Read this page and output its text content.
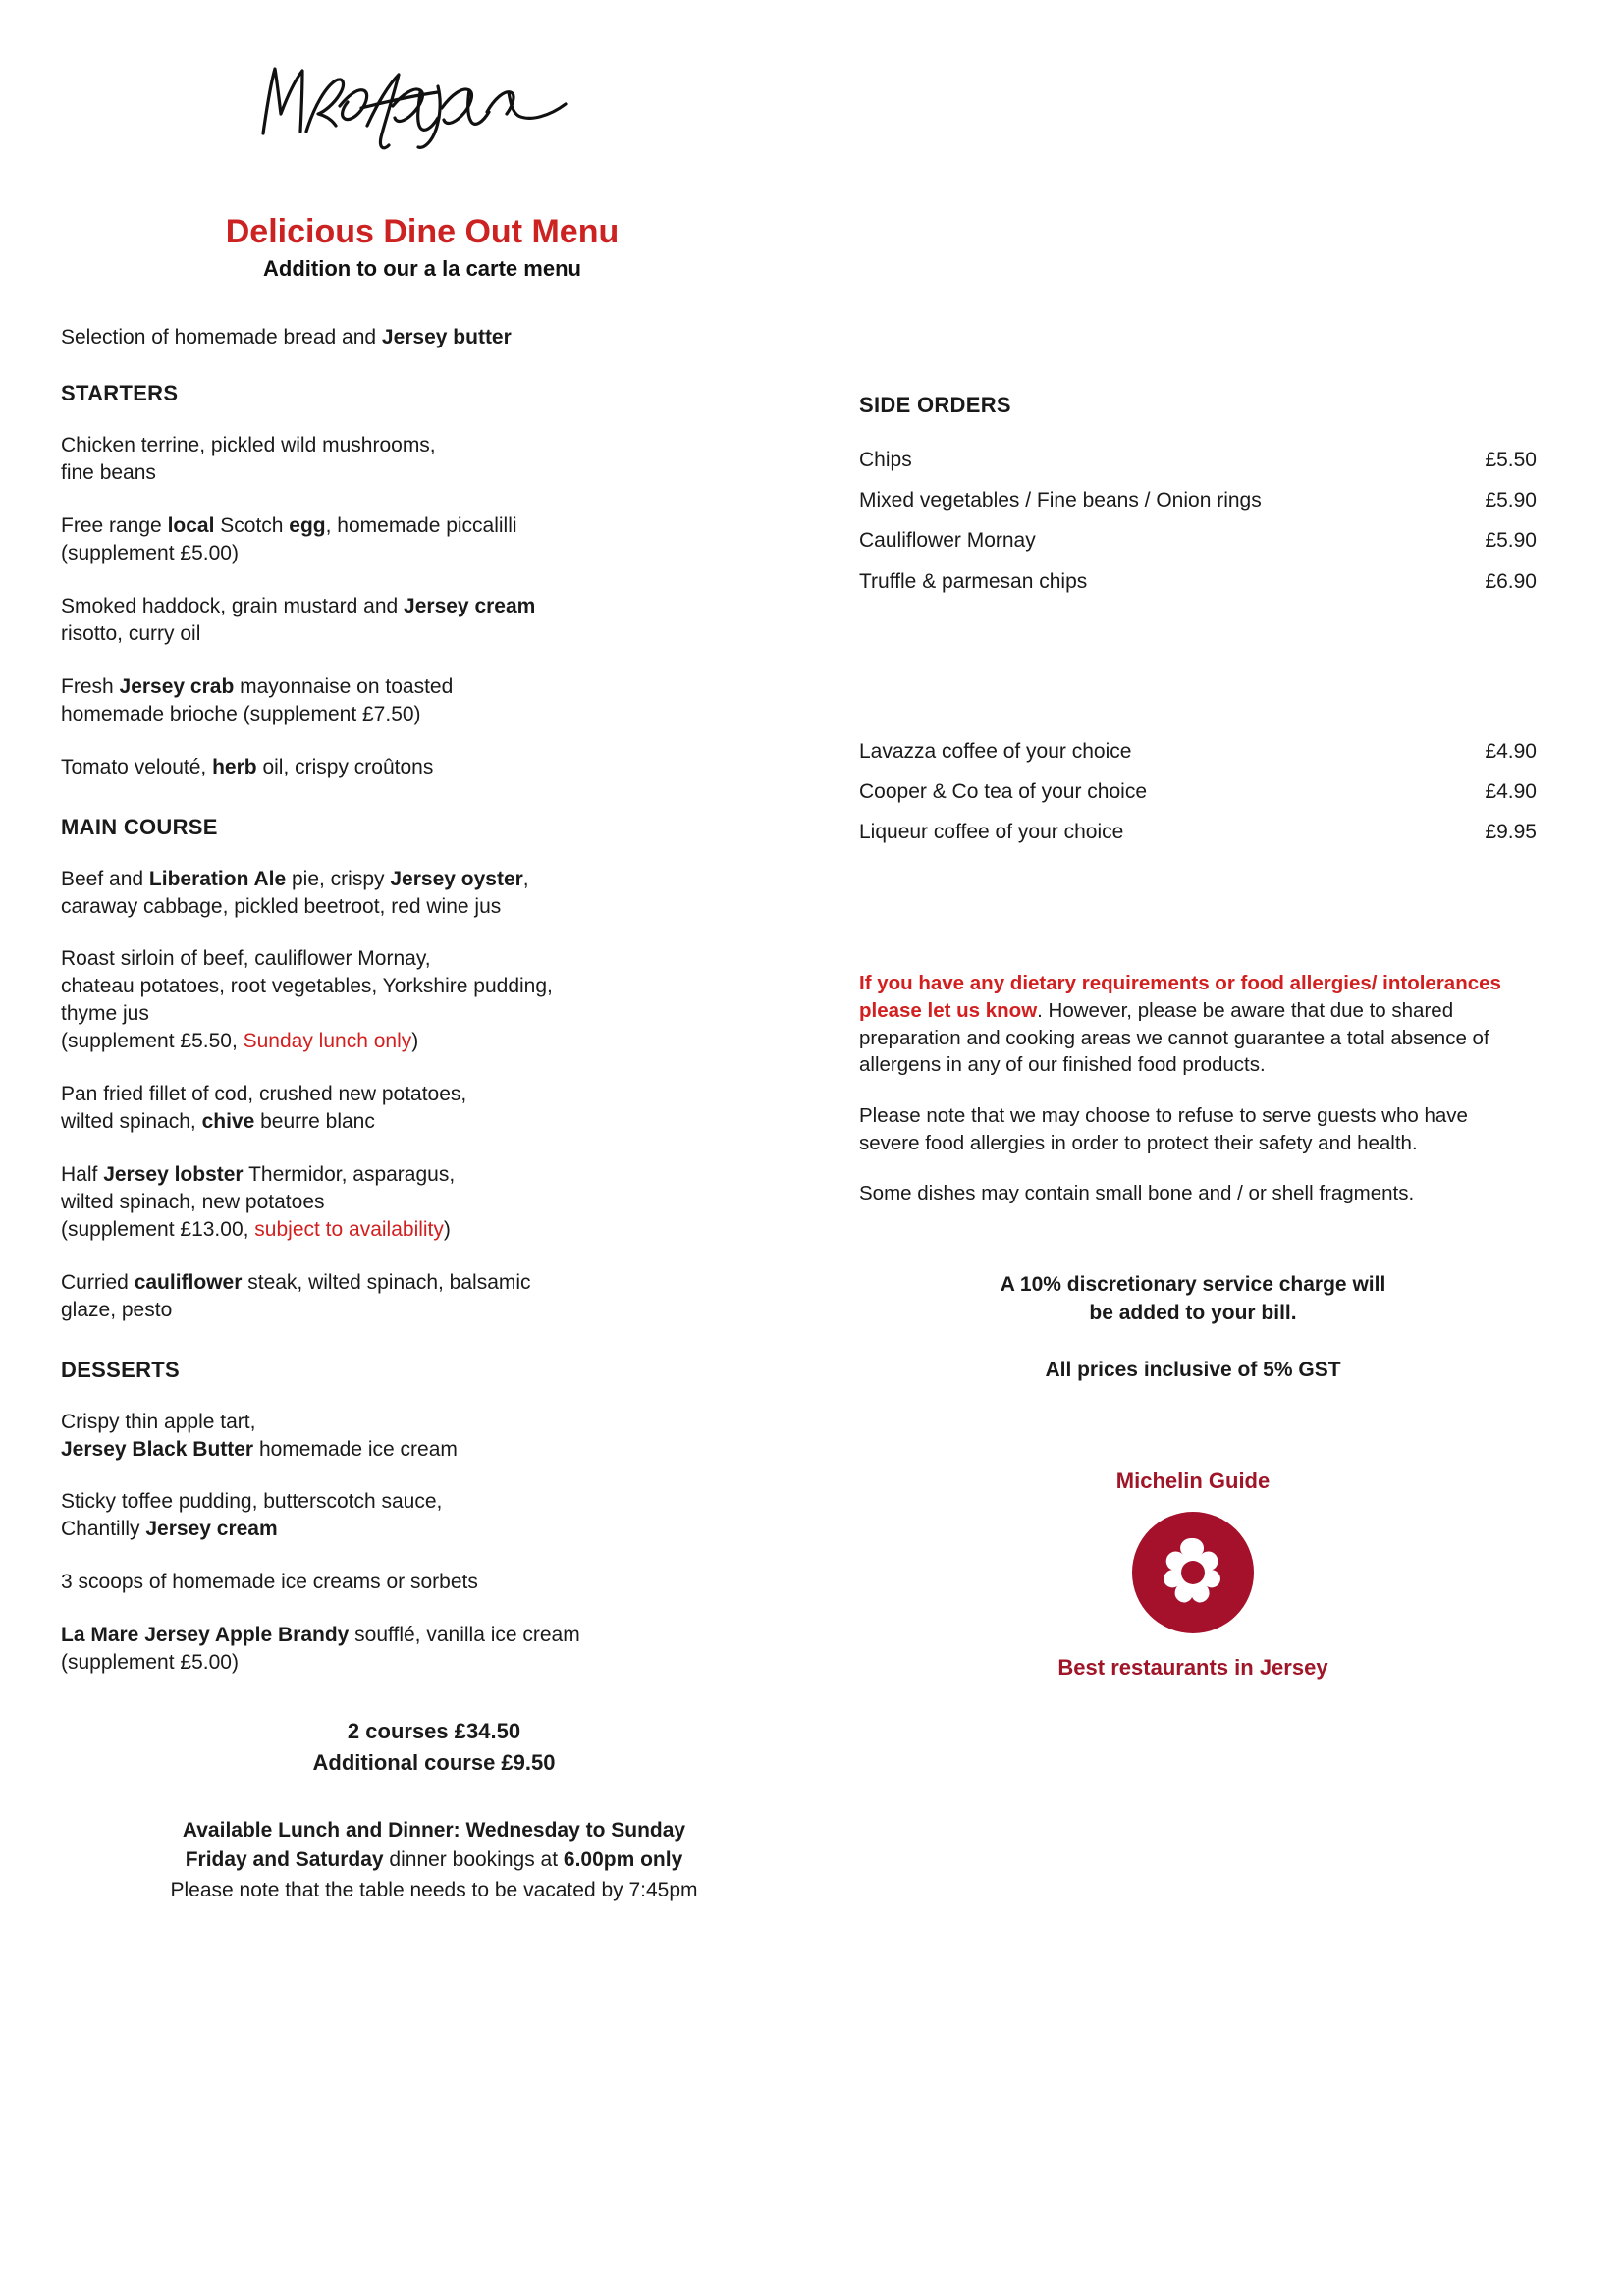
Delicious Dine Out Menu
Addition to our a la carte menu
Selection of homemade bread and Jersey butter
STARTERS
Chicken terrine, pickled wild mushrooms,
fine beans
Free range local Scotch egg, homemade piccalilli
(supplement £5.00)
Smoked haddock, grain mustard and Jersey cream
risotto, curry oil
Fresh Jersey crab mayonnaise on toasted
homemade brioche (supplement £7.50)
Tomato velouté, herb oil, crispy croûtons
MAIN COURSE
Beef and Liberation Ale pie, crispy Jersey oyster,
caraway cabbage, pickled beetroot, red wine jus
Roast sirloin of beef, cauliflower Mornay,
chateau potatoes, root vegetables, Yorkshire pudding,
thyme jus
(supplement £5.50, Sunday lunch only)
Pan fried fillet of cod, crushed new potatoes,
wilted spinach, chive beurre blanc
Half Jersey lobster Thermidor, asparagus,
wilted spinach, new potatoes
(supplement £13.00, subject to availability)
Curried cauliflower steak, wilted spinach, balsamic
glaze, pesto
DESSERTS
Crispy thin apple tart,
Jersey Black Butter homemade ice cream
Sticky toffee pudding, butterscotch sauce,
Chantilly Jersey cream
3 scoops of homemade ice creams or sorbets
La Mare Jersey Apple Brandy soufflé, vanilla ice cream
(supplement £5.00)
2 courses £34.50
Additional course £9.50
Available Lunch and Dinner: Wednesday to Sunday
Friday and Saturday dinner bookings at 6.00pm only
Please note that the table needs to be vacated by 7:45pm
SIDE ORDERS
Chips	£5.50
Mixed vegetables / Fine beans / Onion rings	£5.90
Cauliflower Mornay	£5.90
Truffle & parmesan chips	£6.90
Lavazza coffee of your choice	£4.90
Cooper & Co tea of your choice	£4.90
Liqueur coffee of your choice	£9.95
If you have any dietary requirements or food allergies/ intolerances please let us know. However, please be aware that due to shared preparation and cooking areas we cannot guarantee a total absence of allergens in any of our finished food products.
Please note that we may choose to refuse to serve guests who have severe food allergies in order to protect their safety and health.
Some dishes may contain small bone and / or shell fragments.
A 10% discretionary service charge will
be added to your bill.
All prices inclusive of 5% GST
Michelin Guide
Best restaurants in Jersey
